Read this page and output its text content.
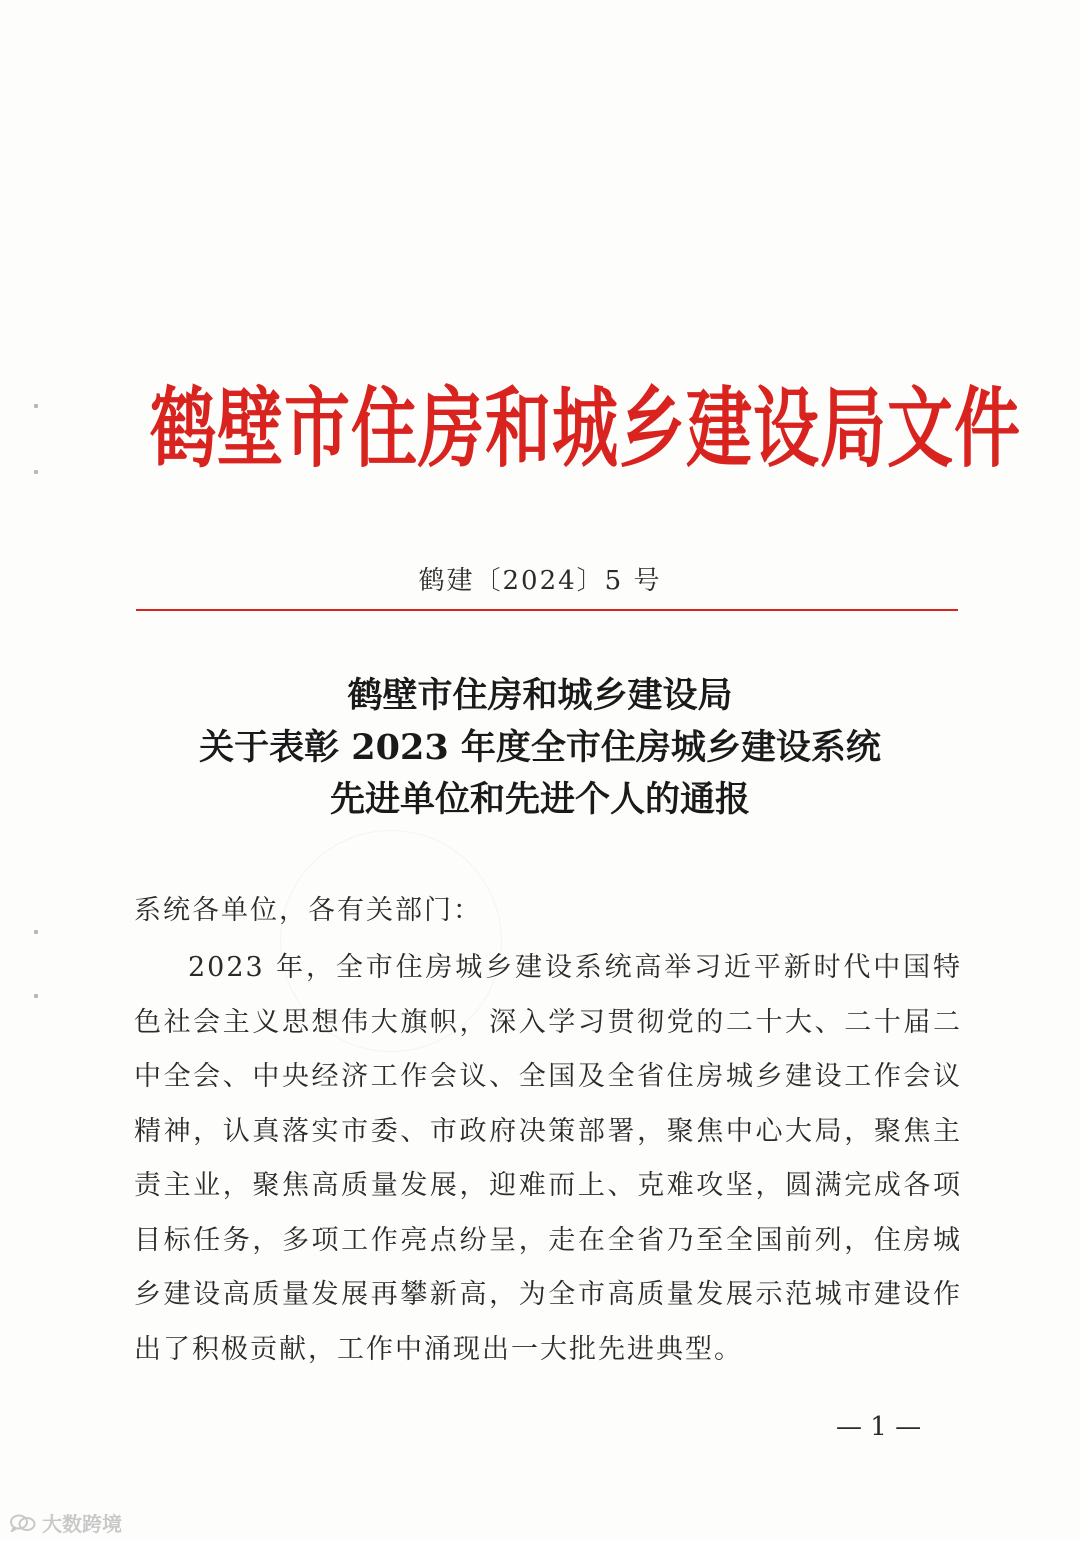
鹤壁市住房和城乡建设局文件
鹤建〔2024〕5 号
鹤壁市住房和城乡建设局
关于表彰 2023 年度全市住房城乡建设系统
先进单位和先进个人的通报
系统各单位，各有关部门：
2023 年，全市住房城乡建设系统高举习近平新时代中国特色社会主义思想伟大旗帜，深入学习贯彻党的二十大、二十届二中全会、中央经济工作会议、全国及全省住房城乡建设工作会议精神，认真落实市委、市政府决策部署，聚焦中心大局，聚焦主责主业，聚焦高质量发展，迎难而上、克难攻坚，圆满完成各项目标任务，多项工作亮点纷呈，走在全省乃至全国前列，住房城乡建设高质量发展再攀新高，为全市高质量发展示范城市建设作出了积极贡献，工作中涌现出一大批先进典型。
— 1 —
大数跨境
